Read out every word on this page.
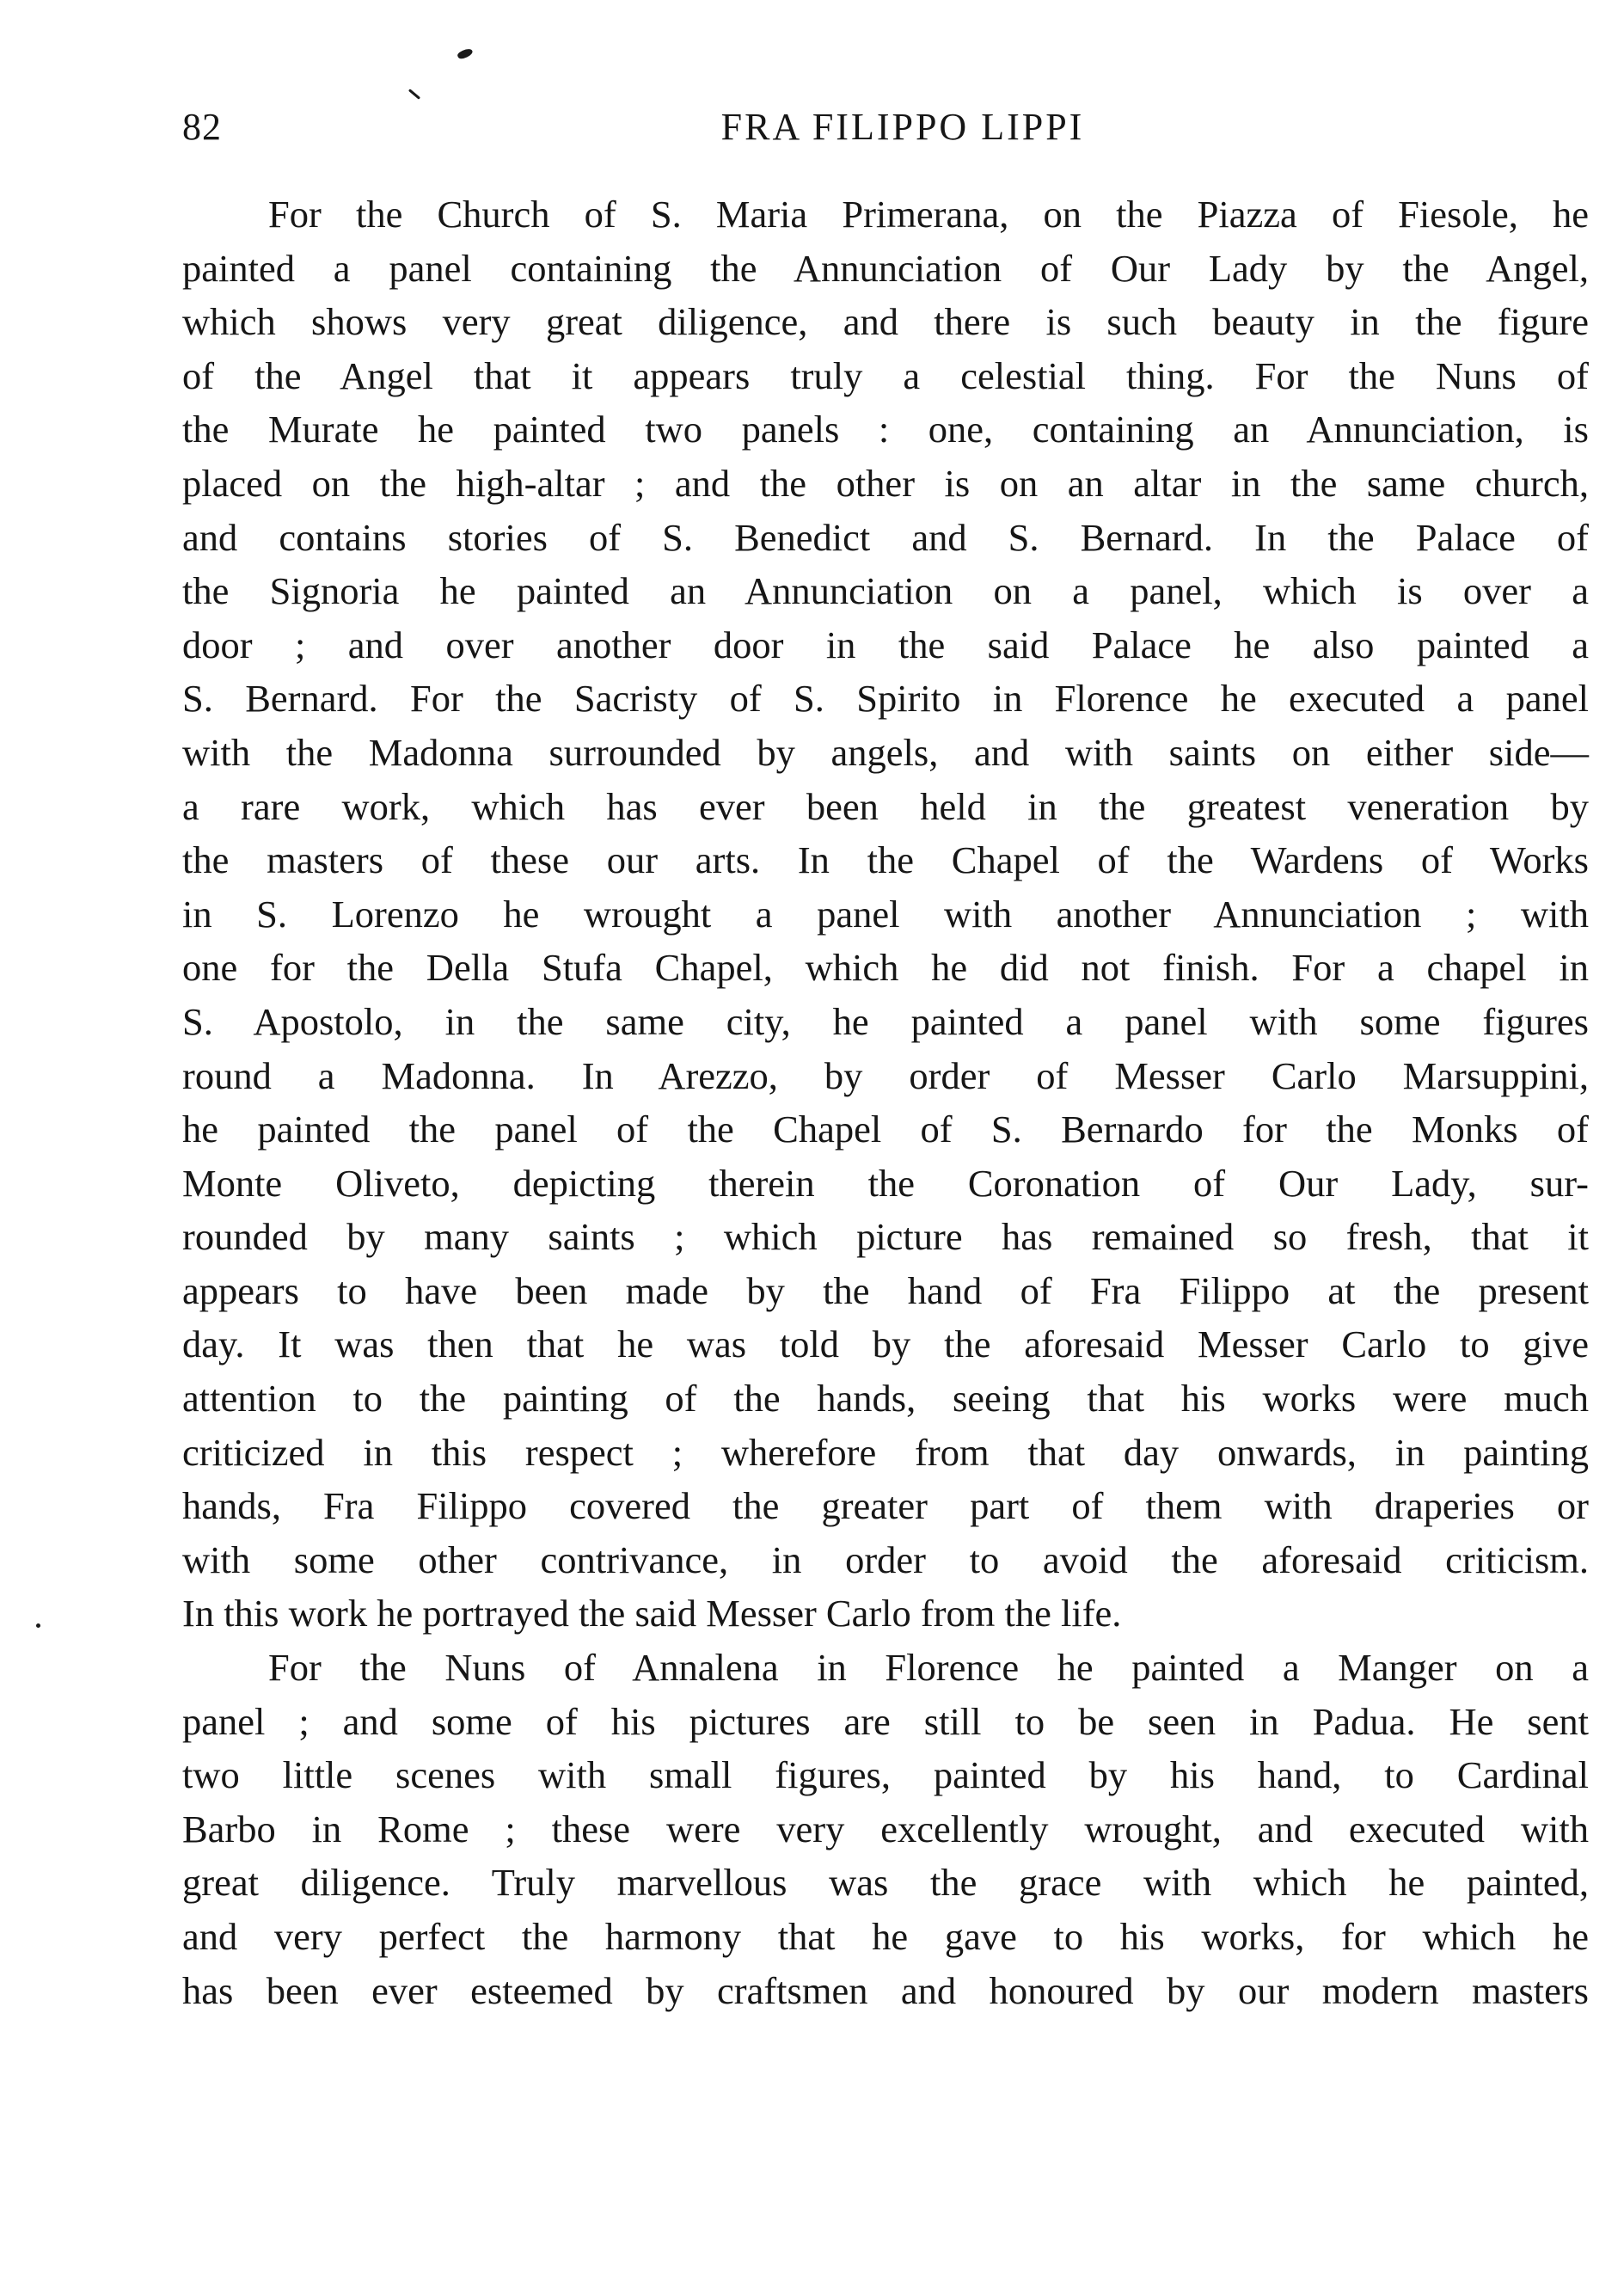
82	FRA FILIPPO LIPPI

For the Church of S. Maria Primerana, on the Piazza of Fiesole, he
painted a panel containing the Annunciation of Our Lady by the Angel,
which shows very great diligence, and there is such beauty in the figure
of the Angel that it appears truly a celestial thing. For the Nuns of
the Murate he painted two panels : one, containing an Annunciation, is
placed on the high-altar ; and the other is on an altar in the same church,
and contains stories of S. Benedict and S. Bernard. In the Palace of
the Signoria he painted an Annunciation on a panel, which is over a
door ; and over another door in the said Palace he also painted a
S. Bernard. For the Sacristy of S. Spirito in Florence he executed a panel
with the Madonna surrounded by angels, and with saints on either side—
a rare work, which has ever been held in the greatest veneration by
the masters of these our arts. In the Chapel of the Wardens of Works
in S. Lorenzo he wrought a panel with another Annunciation ; with
one for the Della Stufa Chapel, which he did not finish. For a chapel in
S. Apostolo, in the same city, he painted a panel with some figures
round a Madonna. In Arezzo, by order of Messer Carlo Marsuppini,
he painted the panel of the Chapel of S. Bernardo for the Monks of
Monte Oliveto, depicting therein the Coronation of Our Lady, sur-
rounded by many saints ; which picture has remained so fresh, that it
appears to have been made by the hand of Fra Filippo at the present
day. It was then that he was told by the aforesaid Messer Carlo to give
attention to the painting of the hands, seeing that his works were much
criticized in this respect ; wherefore from that day onwards, in painting
hands, Fra Filippo covered the greater part of them with draperies or
with some other contrivance, in order to avoid the aforesaid criticism.
In this work he portrayed the said Messer Carlo from the life.

For the Nuns of Annalena in Florence he painted a Manger on a
panel ; and some of his pictures are still to be seen in Padua. He sent
two little scenes with small figures, painted by his hand, to Cardinal
Barbo in Rome ; these were very excellently wrought, and executed with
great diligence. Truly marvellous was the grace with which he painted,
and very perfect the harmony that he gave to his works, for which he
has been ever esteemed by craftsmen and honoured by our modern masters
